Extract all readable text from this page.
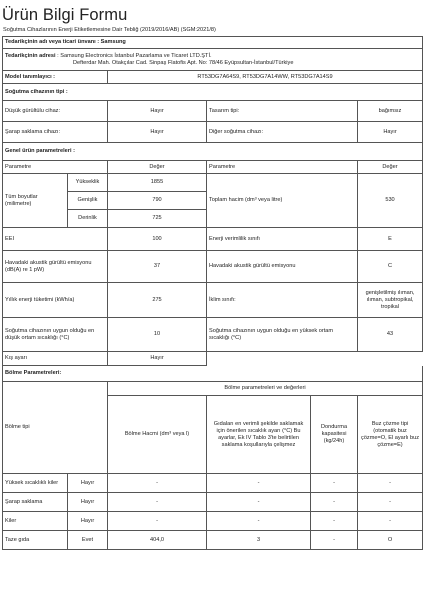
Ürün Bilgi Formu
Soğutma Cihazlarının Enerji Etiketlemesine Dair Tebliğ (2019/2016/AB) (SGM:2021/8)
Tedarikçinin adı veya ticari ünvanı : Samsung					
Tedarikçinin adresi : Samsung Electronics İstanbul Pazarlama ve Ticaret LTD.ŞTİ.
Defterdar Mah. Otakçılar Cad. Sinpaş Flatofis Apt. No: 78/46 Eyüpsultan-İstanbul/Türkiye					
Model tanımlayıcı :		RT53DG7A64S9, RT53DG7A14WW, RT53DG7A14S9			
Soğutma cihazının tipi :					
Düşük gürültülu cihaz:		Hayır	Tasarım tipi:		bağımsız
Şarap saklama cihazı:		Hayır	Diğer soğutma cihazı:		Hayır
Genel ürün parametreleri :					
Parametre		Değer	Parametre		Değer
Tüm boyutlar (milimetre)	Yükseklik	1855	Toplam hacim (dm³ veya litre)		530
	Genişlik	790			
	Derinlik	725			
EEI		100	Enerji verimlilik sınıfı		E
Havadaki akustik gürültü emisyonu (dB(A) re 1 pW)		37	Havadaki akustik gürültü emisyonu		C
Yıllık enerji tüketimi (kWh/a)		275	İklim sınıfı:		genişletilmiş ılıman, ılıman, subtropikal, tropikal
Soğutma cihazının uygun olduğu en düşük ortam sıcaklığı (°C)		10	Soğutma cihazının uygun olduğu en yüksek ortam sıcaklığı (°C)		43
Kış ayarı		Hayır			
Bölme Parametreleri:					
Bölme tipi		Bölme parametreleri ve değerleri			
		Bölme Hacmi (dm³ veya l)	Gıdaları en verimli şekilde saklamak için önerilen sıcaklık ayarı (°C) Bu ayarlar, Ek IV Tablo 3'te belirtilen saklama koşullarıyla çelişmez	Dondurma kapasitesi (kg/24h)	Buz çözme tipi (otomatik buz çözme=O, El ayarlı buz çözme=E)
Yüksek sıcaklıklı kiler	Hayır	-	-	-	-
Şarap saklama	Hayır	-	-	-	-
Kiler	Hayır	-	-	-	-
Taze gıda	Evet	404,0	3	-	O
